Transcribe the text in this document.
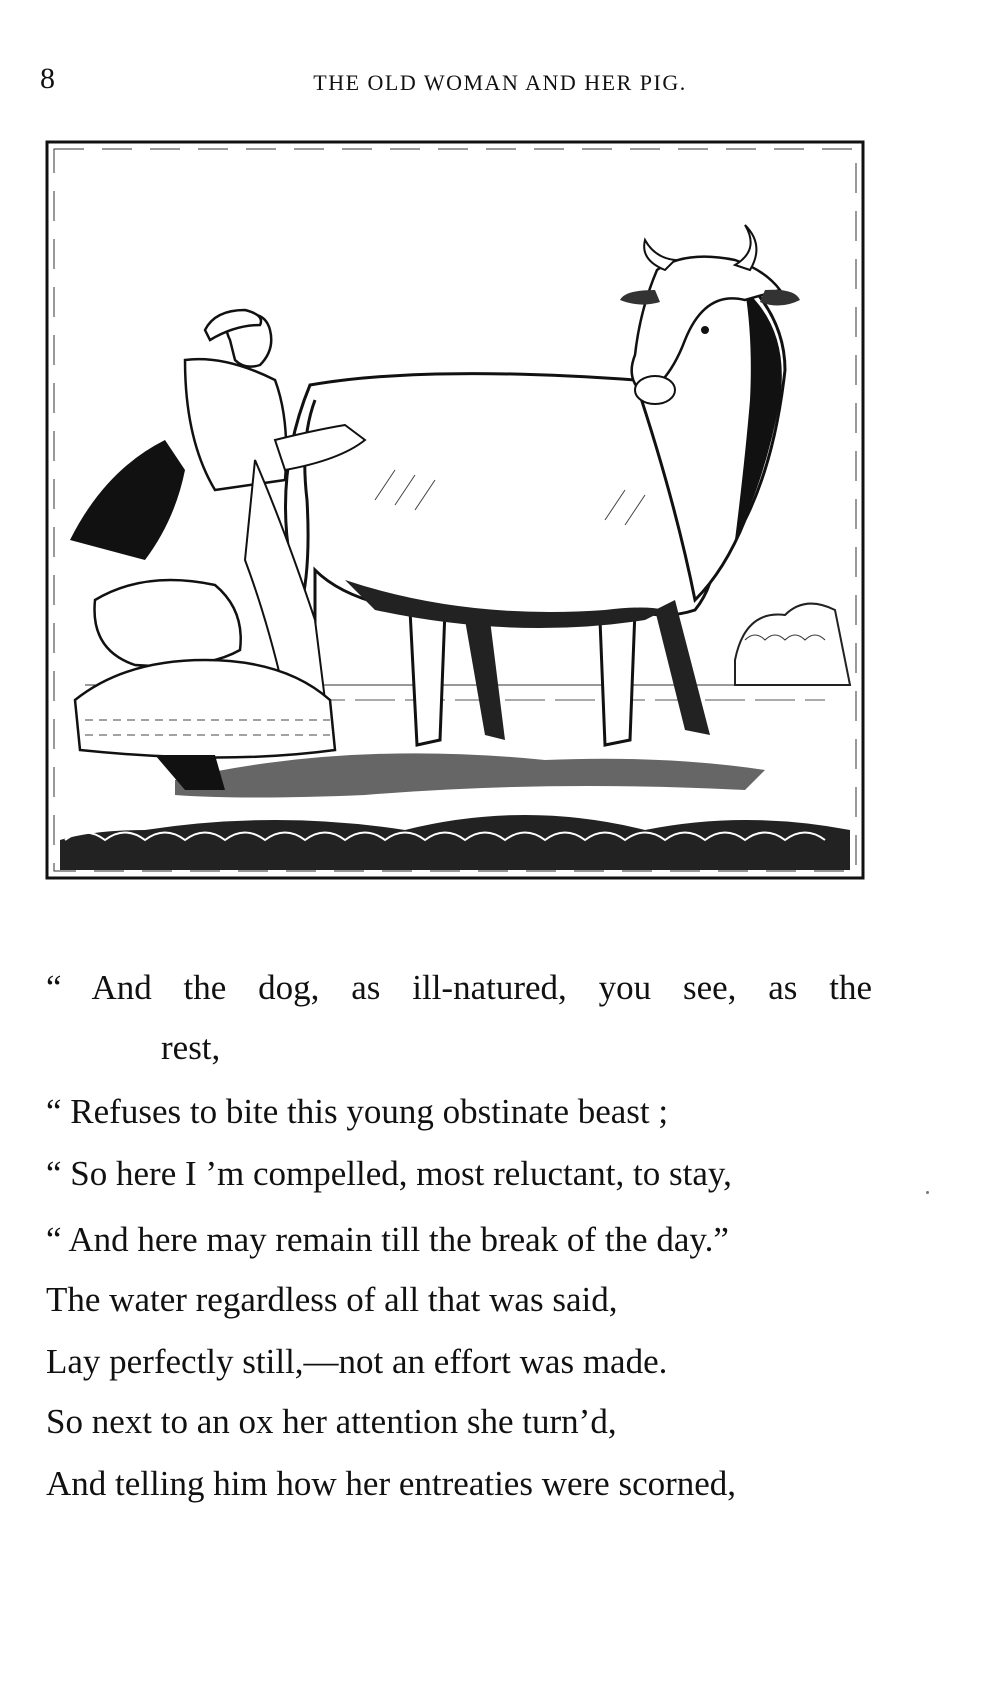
8	THE OLD WOMAN AND HER PIG.
“ And the dog, as ill-natured, you see, as the
rest,
“ Refuses to bite this young obstinate beast ;
“ So here I ’m compelled, most reluctant, to stay,
“ And here may remain till the break of the day.”
The water regardless of all that was said,
Lay perfectly still,—not an effort was made.
So next to an ox her attention she turn’d,
And telling him how her entreaties were scorned,
